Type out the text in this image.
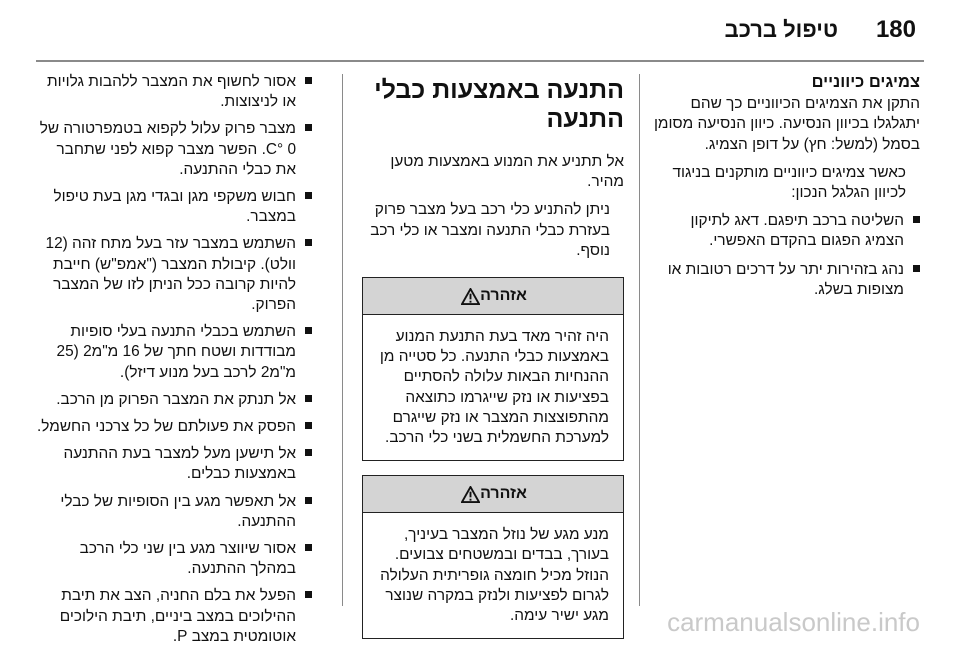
180
טיפול ברכב
צמיגים כיווניים

התקן את הצמיגים הכיווניים כך שהם יתגלגלו בכיוון הנסיעה. כיוון הנסיעה מסומן בסמל (למשל: חץ) על דופן הצמיג.

כאשר צמיגים כיווניים מותקנים בניגוד לכיוון הגלגל הנכון:

השליטה ברכב תיפגם. דאג לתיקון הצמיג הפגום בהקדם האפשרי.
נהג בזהירות יתר על דרכים רטובות או מצופות בשלג.
התנעה באמצעות כבלי התנעה

אל תתניע את המנוע באמצעות מטען מהיר.

ניתן להתניע כלי רכב בעל מצבר פרוק בעזרת כבלי התנעה ומצבר או כלי רכב נוסף.

אזהרה
היה זהיר מאד בעת התנעת המנוע באמצעות כבלי התנעה. כל סטייה מן ההנחיות הבאות עלולה להסתיים בפציעות או נזק שייגרמו כתוצאה מהתפוצצות המצבר או נזק שייגרם למערכת החשמלית בשני כלי הרכב.
אזהרה
מנע מגע של נוזל המצבר בעיניך, בעורך, בבדים ובמשטחים צבועים. הנוזל מכיל חומצה גופריתית העלולה לגרום לפציעות ולנזק במקרה שנוצר מגע ישיר עימה.
אסור לחשוף את המצבר ללהבות גלויות או לניצוצות.
מצבר פרוק עלול לקפוא בטמפרטורה של 0 °C. הפשר מצבר קפוא לפני שתחבר את כבלי ההתנעה.
חבוש משקפי מגן ובגדי מגן בעת טיפול במצבר.
השתמש במצבר עזר בעל מתח זהה (12 וולט). קיבולת המצבר ("אמפ"ש) חייבת להיות קרובה ככל הניתן לזו של המצבר הפרוק.
השתמש בכבלי התנעה בעלי סופיות מבודדות ושטח חתך של 16 מ"מ2 (25 מ"מ2 לרכב בעל מנוע דיזל).
אל תנתק את המצבר הפרוק מן הרכב.
הפסק את פעולתם של כל צרכני החשמל.
אל תישען מעל למצבר בעת ההתנעה באמצעות כבלים.
אל תאפשר מגע בין הסופיות של כבלי ההתנעה.
אסור שיווצר מגע בין שני כלי הרכב במהלך ההתנעה.
הפעל את בלם החניה, הצב את תיבת ההילוכים במצב ביניים, תיבת הילוכים אוטומטית במצב P.	carmanualsonline.info
